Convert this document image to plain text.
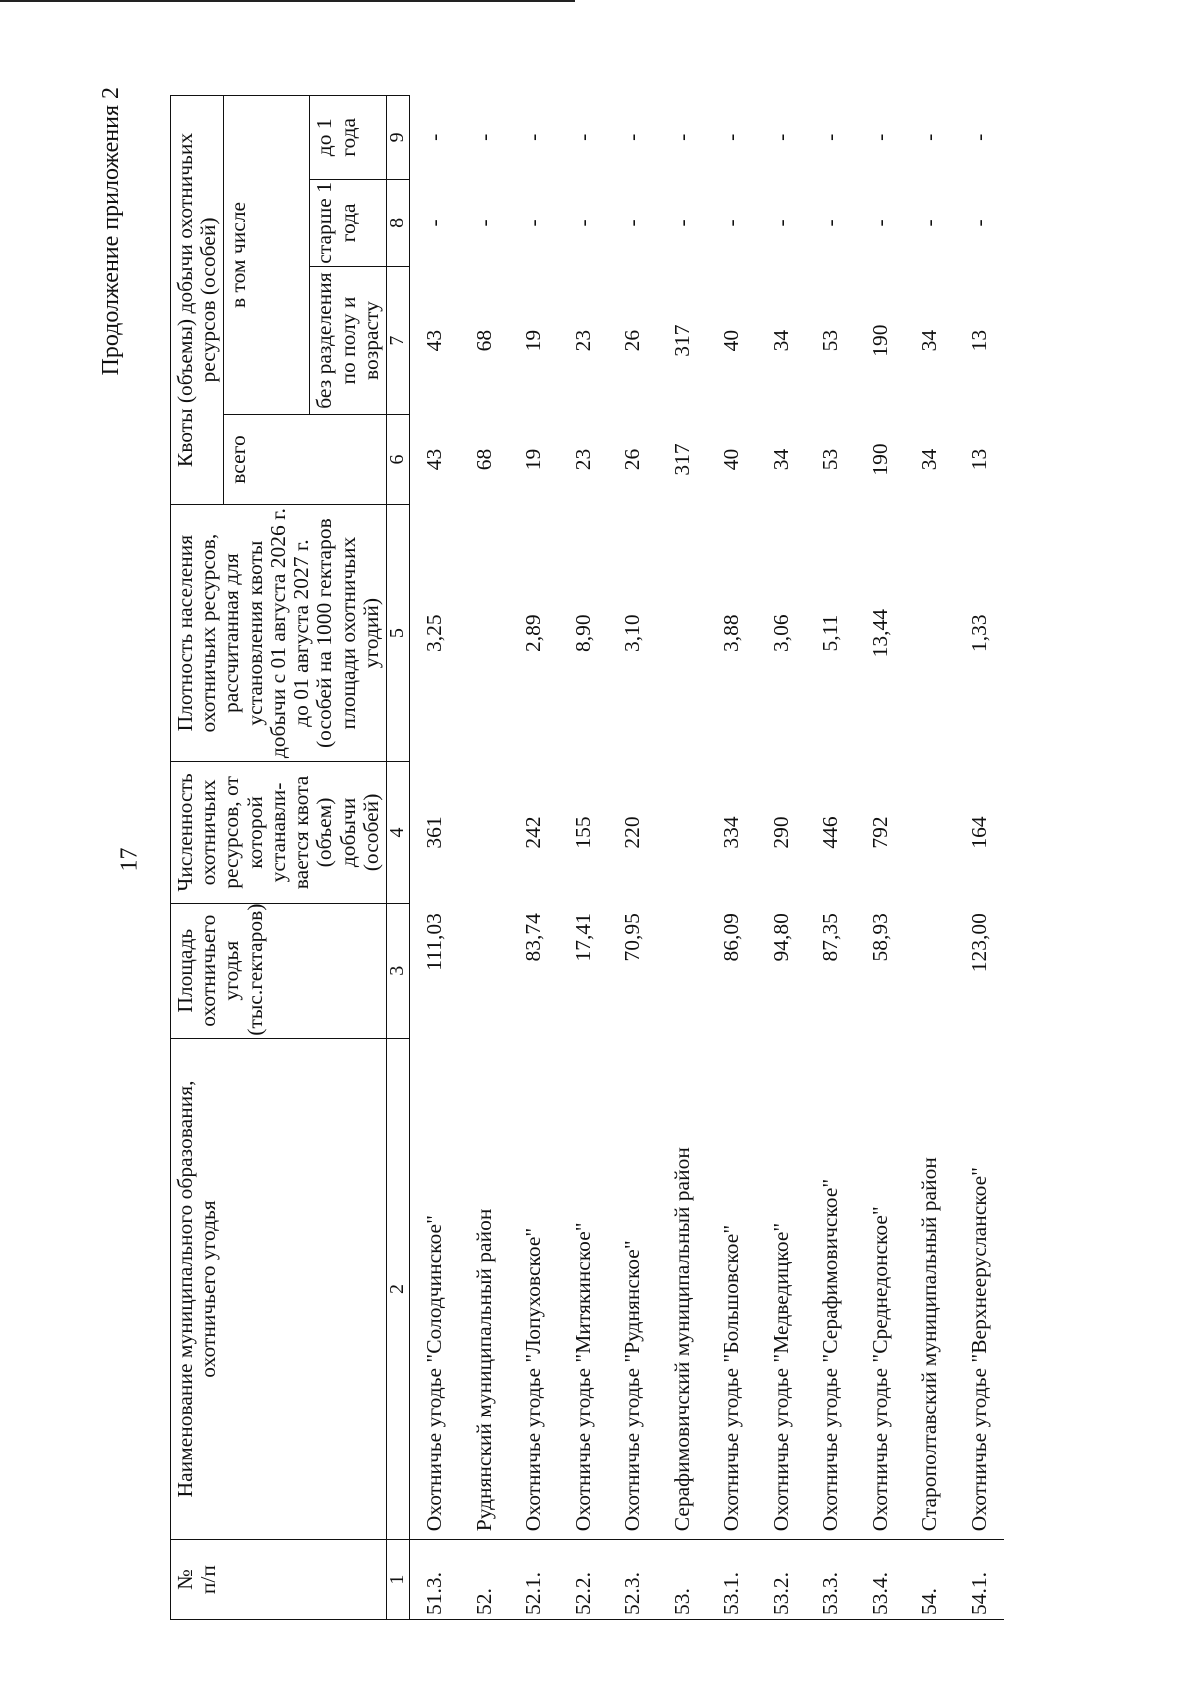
17
Продолжение приложения 2
№
п/п	Наименование муниципального образования, охотничьего угодья	Площадь охотничьего угодья (тыс.гектаров)	Численность охотничьих ресурсов, от которой устанавли-вается квота (объем) добычи (особей)	Плотность населения охотничьих ресурсов, рассчитанная для установления квоты добычи с 01 августа 2026 г. до 01 августа 2027 г. (особей на 1000 гектаров площади охотничьих угодий)	Квоты (объемы) добычи охотничьих ресурсов (особей)			
					всего	в том числе		
						без разделения по полу и возрасту	старше 1 года	до 1 года
1	2	3	4	5	6	7	8	9
51.3.	Охотничье угодье "Солодчинское"	111,03	361	3,25	43	43	-	-
52.	Руднянский муниципальный район				68	68	-	-
52.1.	Охотничье угодье "Лопуховское"	83,74	242	2,89	19	19	-	-
52.2.	Охотничье угодье "Митякинское"	17,41	155	8,90	23	23	-	-
52.3.	Охотничье угодье "Руднянское"	70,95	220	3,10	26	26	-	-
53.	Серафимовичский муниципальный район				317	317	-	-
53.1.	Охотничье угодье "Большовское"	86,09	334	3,88	40	40	-	-
53.2.	Охотничье угодье "Медведицкое"	94,80	290	3,06	34	34	-	-
53.3.	Охотничье угодье "Серафимовичское"	87,35	446	5,11	53	53	-	-
53.4.	Охотничье угодье "Среднедонское"	58,93	792	13,44	190	190	-	-
54.	Старополтавский муниципальный район				34	34	-	-
54.1.	Охотничье угодье "Верхнеерусланское"	123,00	164	1,33	13	13	-	-
